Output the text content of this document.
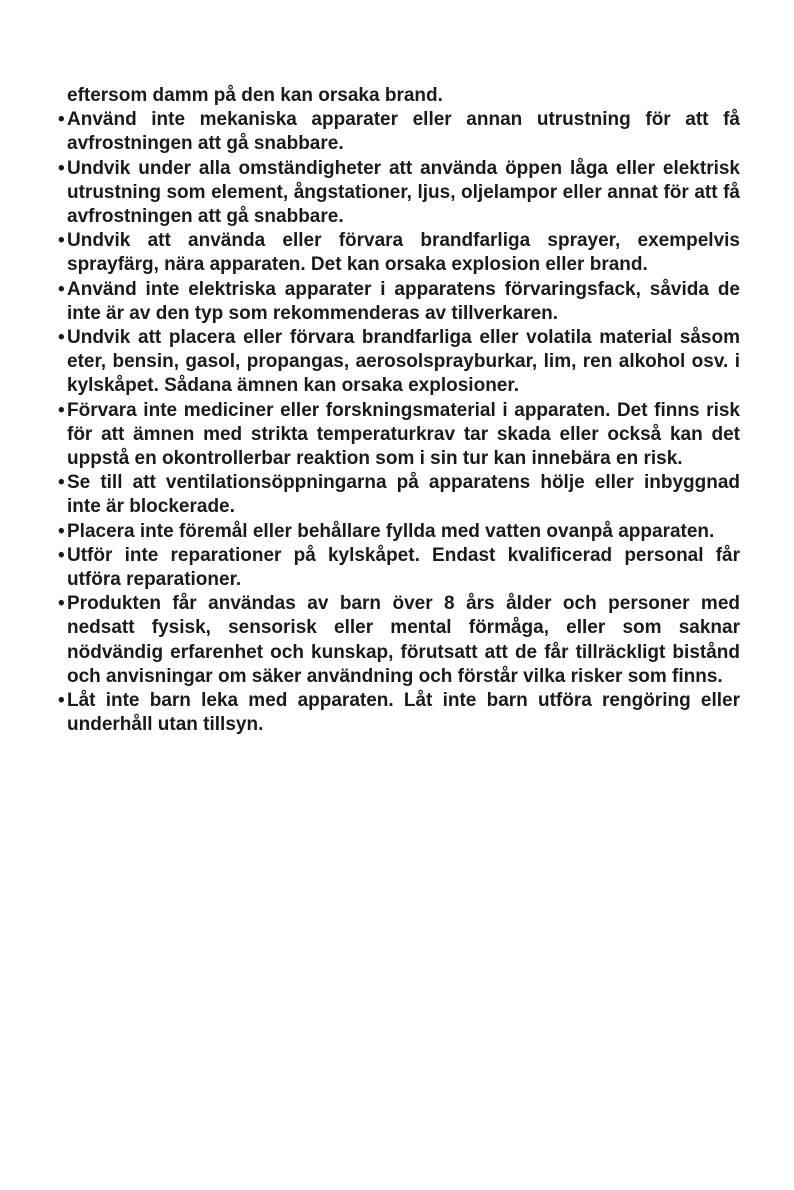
eftersom damm på den kan orsaka brand.

• Använd inte mekaniska apparater eller annan utrustning för att få avfrostningen att gå snabbare.
• Undvik under alla omständigheter att använda öppen låga eller elektrisk utrustning som element, ångstationer, ljus, oljelampor eller annat för att få avfrostningen att gå snabbare.
• Undvik att använda eller förvara brandfarliga sprayer, exempelvis sprayfärg, nära apparaten. Det kan orsaka explosion eller brand.
• Använd inte elektriska apparater i apparatens förvaringsfack, såvida de inte är av den typ som rekommenderas av tillverkaren.
• Undvik att placera eller förvara brandfarliga eller volatila material såsom eter, bensin, gasol, propangas, aerosolsprayburkar, lim, ren alkohol osv. i kylskåpet. Sådana ämnen kan orsaka explosioner.
• Förvara inte mediciner eller forskningsmaterial i apparaten. Det finns risk för att ämnen med strikta temperaturkrav tar skada eller också kan det uppstå en okontrollerbar reaktion som i sin tur kan innebära en risk.
• Se till att ventilationsöppningarna på apparatens hölje eller inbyggnad inte är blockerade.
• Placera inte föremål eller behållare fyllda med vatten ovanpå apparaten.
• Utför inte reparationer på kylskåpet. Endast kvalificerad personal får utföra reparationer.
• Produkten får användas av barn över 8 års ålder och personer med nedsatt fysisk, sensorisk eller mental förmåga, eller som saknar nödvändig erfarenhet och kunskap, förutsatt att de får tillräckligt bistånd och anvisningar om säker användning och förstår vilka risker som finns.
• Låt inte barn leka med apparaten. Låt inte barn utföra rengöring eller underhåll utan tillsyn.
